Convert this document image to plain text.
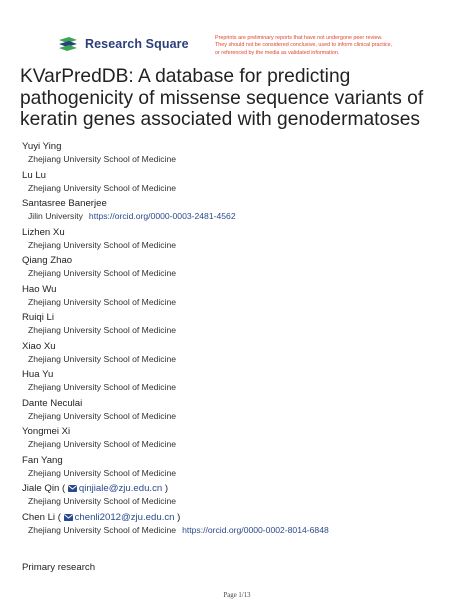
Research Square	Preprints are preliminary reports that have not undergone peer review.
They should not be considered conclusive, used to inform clinical practice,
or referenced by the media as validated information.
KVarPredDB: A database for predicting pathogenicity of missense sequence variants of keratin genes associated with genodermatoses
Yuyi Ying
Zhejiang University School of Medicine
Lu Lu
Zhejiang University School of Medicine
Santasree Banerjee
Jilin University https://orcid.org/0000-0003-2481-4562
Lizhen Xu
Zhejiang University School of Medicine
Qiang Zhao
Zhejiang University School of Medicine
Hao Wu
Zhejiang University School of Medicine
Ruiqi Li
Zhejiang University School of Medicine
Xiao Xu
Zhejiang University School of Medicine
Hua Yu
Zhejiang University School of Medicine
Dante Neculai
Zhejiang University School of Medicine
Yongmei Xi
Zhejiang University School of Medicine
Fan Yang
Zhejiang University School of Medicine
Jiale Qin ( qinjiale@zju.edu.cn )
Zhejiang University School of Medicine
Chen Li ( chenli2012@zju.edu.cn )
Zhejiang University School of Medicine https://orcid.org/0000-0002-8014-6848
Primary research
Page 1/13
